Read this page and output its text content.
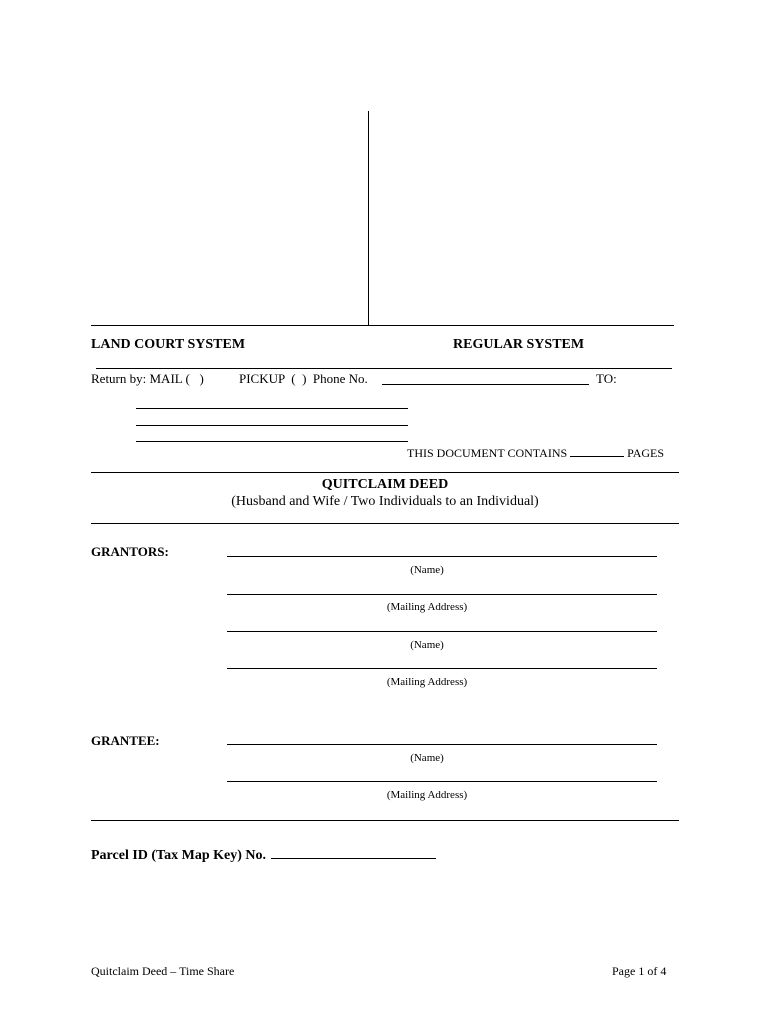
LAND COURT SYSTEM	REGULAR SYSTEM
Return by: MAIL (   )	PICKUP  (  )  Phone No.	TO:
THIS DOCUMENT CONTAINS	PAGES
QUITCLAIM DEED
(Husband and Wife / Two Individuals to an Individual)
GRANTORS:
(Name)
(Mailing Address)
(Name)
(Mailing Address)
GRANTEE:
(Name)
(Mailing Address)
Parcel ID (Tax Map Key) No.
Quitclaim Deed – Time Share	Page 1 of 4
